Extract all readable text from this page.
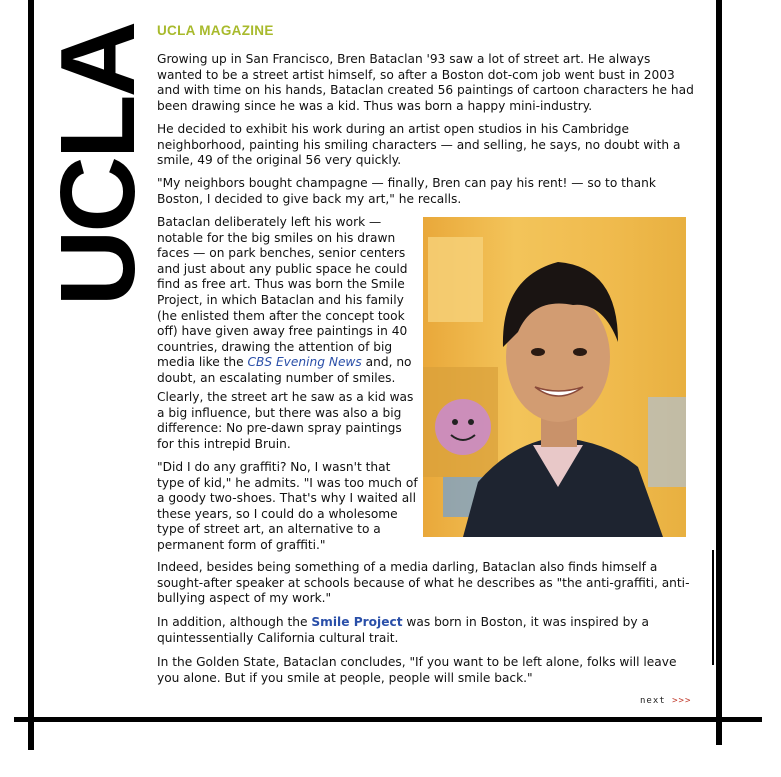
UCLA UCLA MAGAZINE
Growing up in San Francisco, Bren Bataclan '93 saw a lot of street art. He always wanted to be a street artist himself, so after a Boston dot-com job went bust in 2003 and with time on his hands, Bataclan created 56 paintings of cartoon characters he had been drawing since he was a kid. Thus was born a happy mini-industry.
He decided to exhibit his work during an artist open studios in his Cambridge neighborhood, painting his smiling characters — and selling, he says, no doubt with a smile, 49 of the original 56 very quickly.
"My neighbors bought champagne — finally, Bren can pay his rent! — so to thank Boston, I decided to give back my art," he recalls.
Bataclan deliberately left his work — notable for the big smiles on his drawn faces — on park benches, senior centers and just about any public space he could find as free art. Thus was born the Smile Project, in which Bataclan and his family (he enlisted them after the concept took off) have given away free paintings in 40 countries, drawing the attention of big media like the CBS Evening News and, no doubt, an escalating number of smiles.
Clearly, the street art he saw as a kid was a big influence, but there was also a big difference: No pre-dawn spray paintings for this intrepid Bruin.
"Did I do any graffiti? No, I wasn't that type of kid," he admits. "I was too much of a goody two-shoes. That's why I waited all these years, so I could do a wholesome type of street art, an alternative to a permanent form of graffiti."
Indeed, besides being something of a media darling, Bataclan also finds himself a sought-after speaker at schools because of what he describes as "the anti-graffiti, anti-bullying aspect of my work."
In addition, although the Smile Project was born in Boston, it was inspired by a quintessentially California cultural trait.
In the Golden State, Bataclan concludes, "If you want to be left alone, folks will leave you alone. But if you smile at people, people will smile back."
next >>>
